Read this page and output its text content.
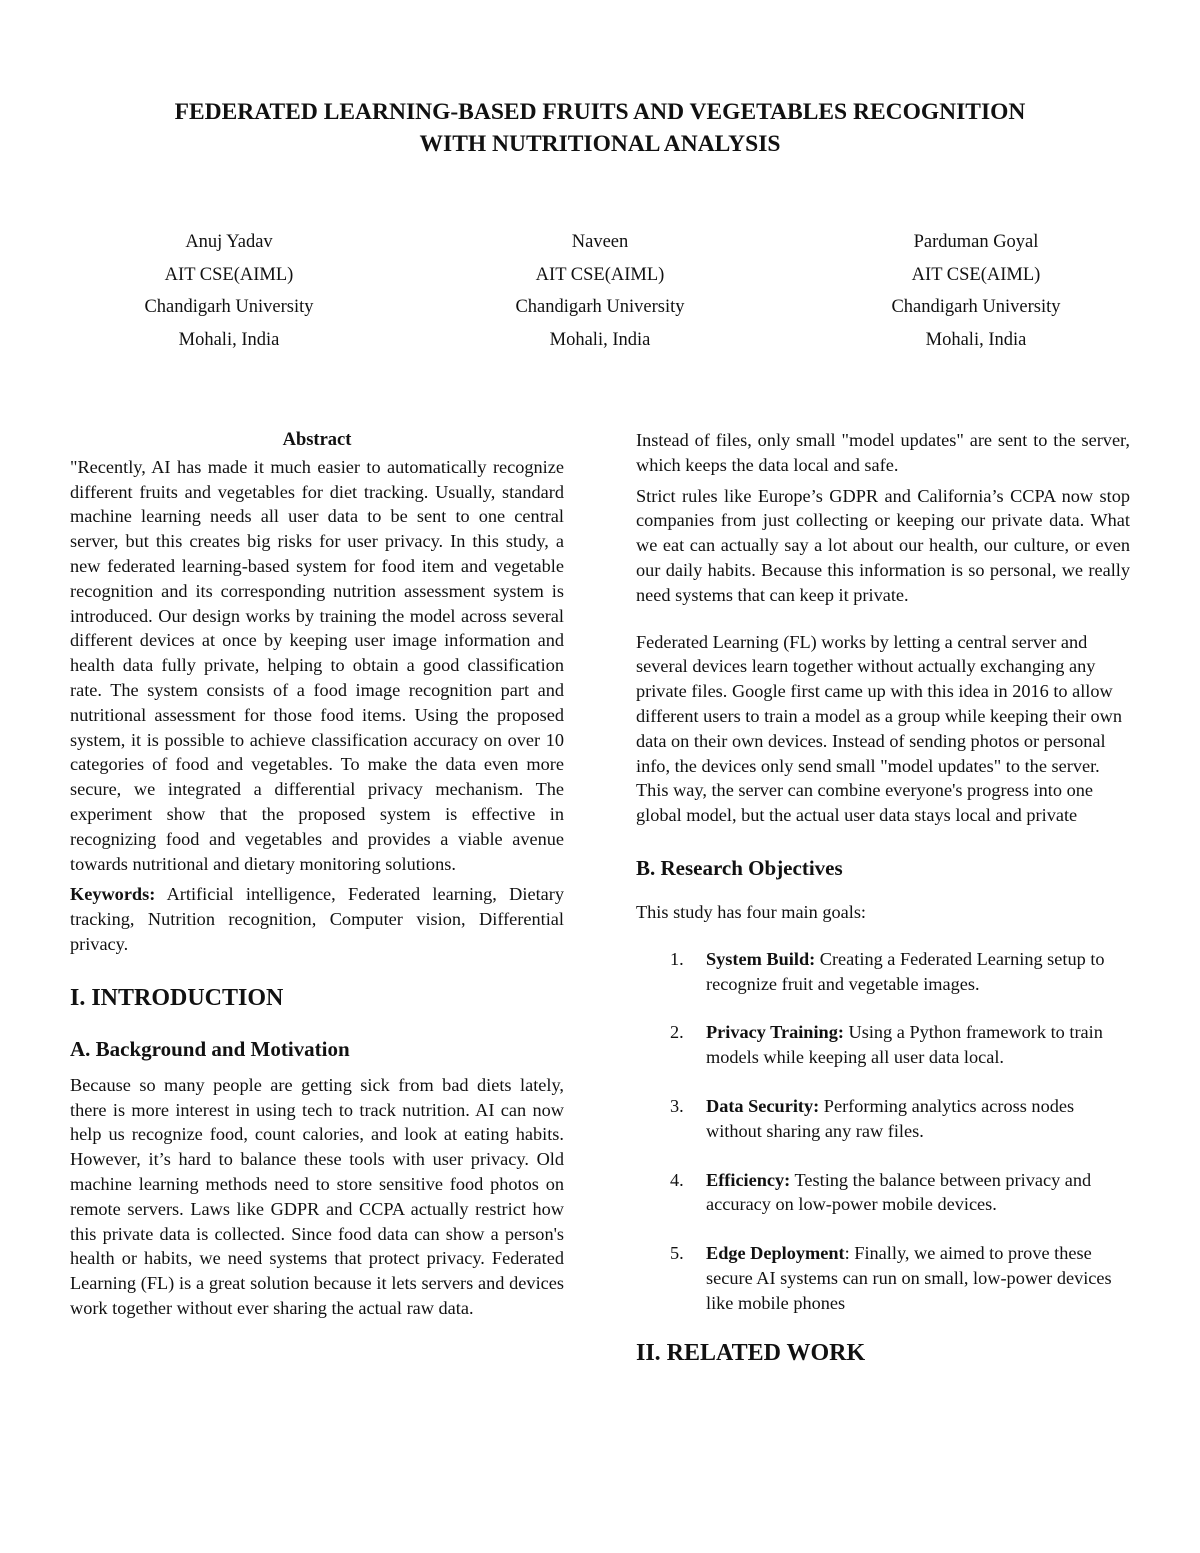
FEDERATED LEARNING-BASED FRUITS AND VEGETABLES RECOGNITION
WITH NUTRITIONAL ANALYSIS
Anuj Yadav
AIT CSE(AIML)
Chandigarh University
Mohali, India
Naveen
AIT CSE(AIML)
Chandigarh University
Mohali, India
Parduman Goyal
AIT CSE(AIML)
Chandigarh University
Mohali, India
Abstract

"Recently, AI has made it much easier to automatically recognize different fruits and vegetables for diet tracking. Usually, standard machine learning needs all user data to be sent to one central server, but this creates big risks for user privacy. In this study, a new federated learning-based system for food item and vegetable recognition and its corresponding nutrition assessment system is introduced. Our design works by training the model across several different devices at once by keeping user image information and health data fully private, helping to obtain a good classification rate. The system consists of a food image recognition part and nutritional assessment for those food items. Using the proposed system, it is possible to achieve classification accuracy on over 10 categories of food and vegetables. To make the data even more secure, we integrated a differential privacy mechanism. The experiment show that the proposed system is effective in recognizing food and vegetables and provides a viable avenue towards nutritional and dietary monitoring solutions.

Keywords: Artificial intelligence, Federated learning, Dietary tracking, Nutrition recognition, Computer vision, Differential privacy.

I. INTRODUCTION
A. Background and Motivation

Because so many people are getting sick from bad diets lately, there is more interest in using tech to track nutrition. AI can now help us recognize food, count calories, and look at eating habits. However, it’s hard to balance these tools with user privacy. Old machine learning methods need to store sensitive food photos on remote servers. Laws like GDPR and CCPA actually restrict how this private data is collected. Since food data can show a person's health or habits, we need systems that protect privacy. Federated Learning (FL) is a great solution because it lets servers and devices work together without ever sharing the actual raw data.

Instead of files, only small "model updates" are sent to the server, which keeps the data local and safe.

Strict rules like Europe’s GDPR and California’s CCPA now stop companies from just collecting or keeping our private data. What we eat can actually say a lot about our health, our culture, or even our daily habits. Because this information is so personal, we really need systems that can keep it private.

Federated Learning (FL) works by letting a central server and several devices learn together without actually exchanging any private files. Google first came up with this idea in 2016 to allow different users to train a model as a group while keeping their own data on their own devices. Instead of sending photos or personal info, the devices only send small "model updates" to the server. This way, the server can combine everyone's progress into one global model, but the actual user data stays local and private

B. Research Objectives

This study has four main goals:

1. System Build: Creating a Federated Learning setup to recognize fruit and vegetable images.
2. Privacy Training: Using a Python framework to train models while keeping all user data local.
3. Data Security: Performing analytics across nodes without sharing any raw files.
4. Efficiency: Testing the balance between privacy and accuracy on low-power mobile devices.
5. Edge Deployment: Finally, we aimed to prove these secure AI systems can run on small, low-power devices like mobile phones
II. RELATED WORK
